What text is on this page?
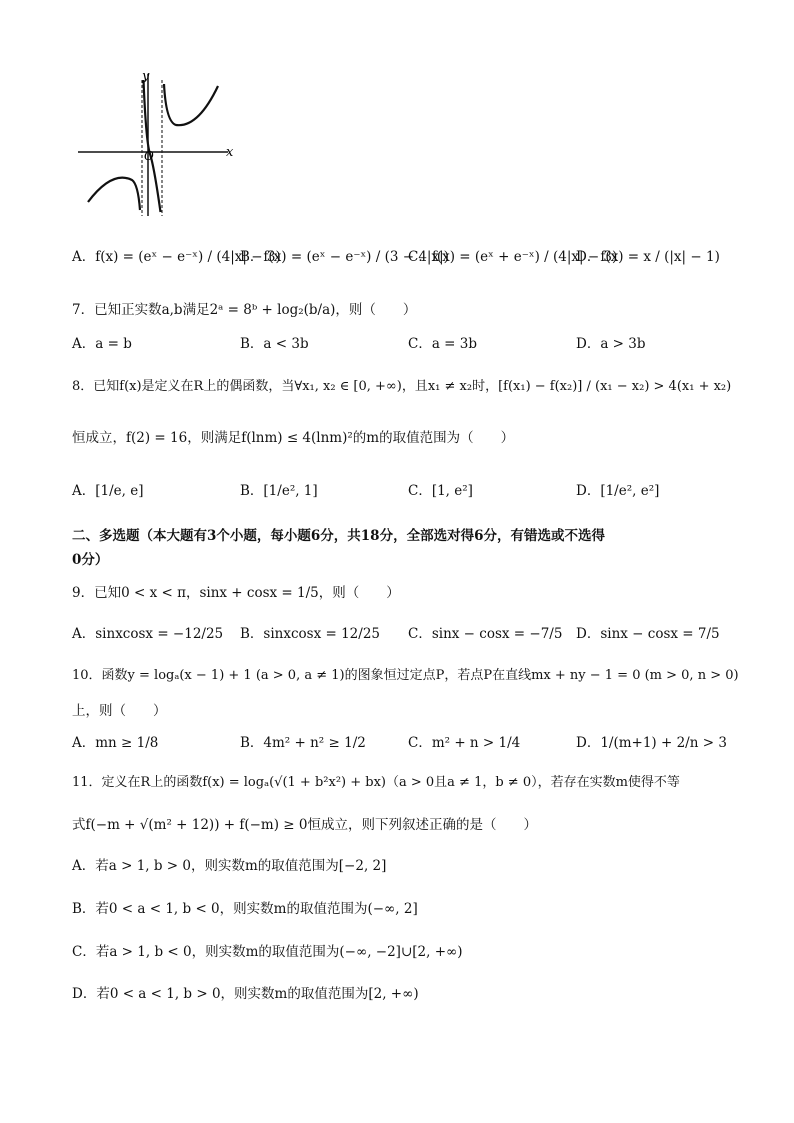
x
y
O
A．f(x) = (eˣ − e⁻ˣ) / (4|x| − 3)
B．f(x) = (eˣ − e⁻ˣ) / (3 − 4|x|)
C．f(x) = (eˣ + e⁻ˣ) / (4|x| − 3)
D．f(x) = x / (|x| − 1)
7．已知正实数a,b满足2ᵃ = 8ᵇ + log₂(b/a)，则（　　）
A．a = b	B．a < 3b	C．a = 3b	D．a > 3b
8．已知f(x)是定义在R上的偶函数，当∀x₁, x₂ ∈ [0, +∞)，且x₁ ≠ x₂时，[f(x₁) − f(x₂)] / (x₁ − x₂) > 4(x₁ + x₂)
恒成立，f(2) = 16，则满足f(lnm) ≤ 4(lnm)²的m的取值范围为（　　）
A．[1/e, e]	B．[1/e², 1]	C．[1, e²]	D．[1/e², e²]
二、多选题（本大题有3个小题，每小题6分，共18分，全部选对得6分，有错选或不选得
0分）
9．已知0 < x < π，sinx + cosx = 1/5，则（　　）
A．sinxcosx = −12/25 B．sinxcosx = 12/25 C．sinx − cosx = −7/5 D．sinx − cosx = 7/5
10．函数y = logₐ(x − 1) + 1 (a > 0, a ≠ 1)的图象恒过定点P，若点P在直线mx + ny − 1 = 0 (m > 0, n > 0)
上，则（　　）
A．mn ≥ 1/8	B．4m² + n² ≥ 1/2	C．m² + n > 1/4	D．1/(m+1) + 2/n > 3
11．定义在R上的函数f(x) = logₐ(√(1 + b²x²) + bx)（a > 0且a ≠ 1，b ≠ 0），若存在实数m使得不等
式f(−m + √(m² + 12)) + f(−m) ≥ 0恒成立，则下列叙述正确的是（　　）
A．若a > 1, b > 0，则实数m的取值范围为[−2, 2]
B．若0 < a < 1, b < 0，则实数m的取值范围为(−∞, 2]
C．若a > 1, b < 0，则实数m的取值范围为(−∞, −2]∪[2, +∞)
D．若0 < a < 1, b > 0，则实数m的取值范围为[2, +∞)
